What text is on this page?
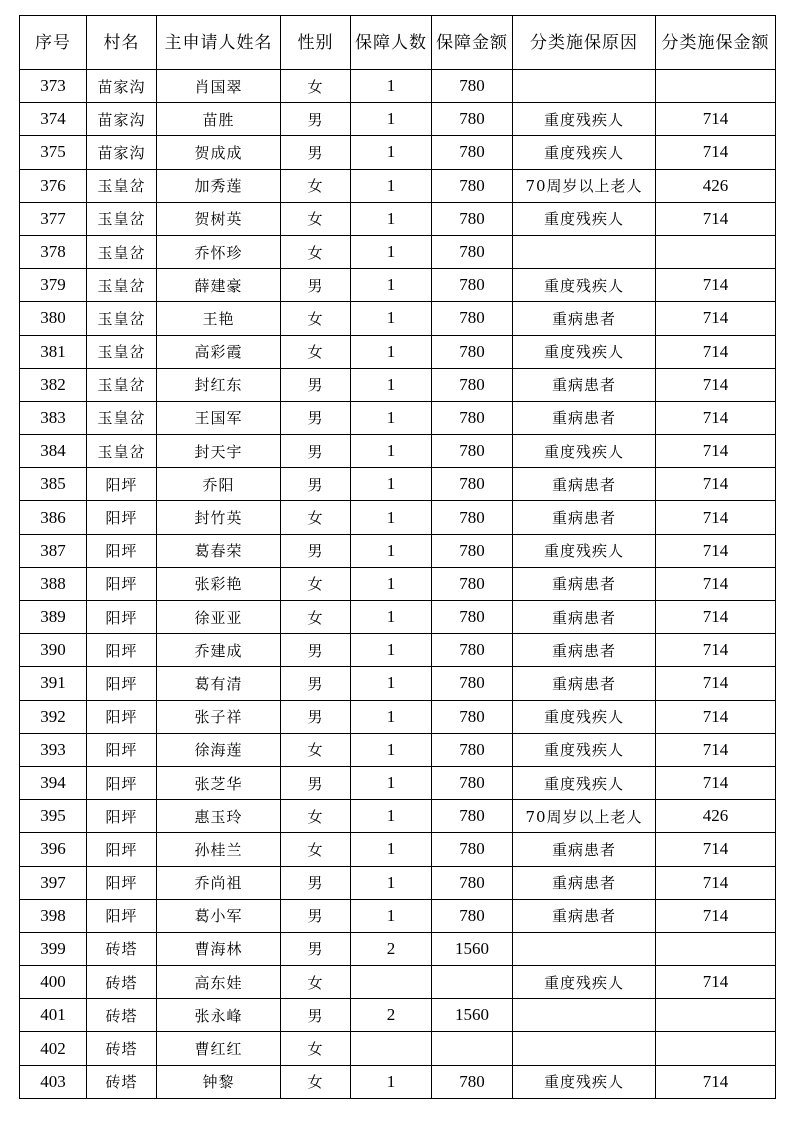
序号	村名	主申请人姓名	性别	保障人数	保障金额	分类施保原因	分类施保金额
373	苗家沟	肖国翠	女	1	780		
374	苗家沟	苗胜	男	1	780	重度残疾人	714
375	苗家沟	贺成成	男	1	780	重度残疾人	714
376	玉皇岔	加秀莲	女	1	780	70周岁以上老人	426
377	玉皇岔	贺树英	女	1	780	重度残疾人	714
378	玉皇岔	乔怀珍	女	1	780		
379	玉皇岔	薛建豪	男	1	780	重度残疾人	714
380	玉皇岔	王艳	女	1	780	重病患者	714
381	玉皇岔	高彩霞	女	1	780	重度残疾人	714
382	玉皇岔	封红东	男	1	780	重病患者	714
383	玉皇岔	王国军	男	1	780	重病患者	714
384	玉皇岔	封天宇	男	1	780	重度残疾人	714
385	阳坪	乔阳	男	1	780	重病患者	714
386	阳坪	封竹英	女	1	780	重病患者	714
387	阳坪	葛春荣	男	1	780	重度残疾人	714
388	阳坪	张彩艳	女	1	780	重病患者	714
389	阳坪	徐亚亚	女	1	780	重病患者	714
390	阳坪	乔建成	男	1	780	重病患者	714
391	阳坪	葛有清	男	1	780	重病患者	714
392	阳坪	张子祥	男	1	780	重度残疾人	714
393	阳坪	徐海莲	女	1	780	重度残疾人	714
394	阳坪	张芝华	男	1	780	重度残疾人	714
395	阳坪	惠玉玲	女	1	780	70周岁以上老人	426
396	阳坪	孙桂兰	女	1	780	重病患者	714
397	阳坪	乔尚祖	男	1	780	重病患者	714
398	阳坪	葛小军	男	1	780	重病患者	714
399	砖塔	曹海林	男	2	1560		
400	砖塔	高东娃	女			重度残疾人	714
401	砖塔	张永峰	男	2	1560		
402	砖塔	曹红红	女				
403	砖塔	钟黎	女	1	780	重度残疾人	714
